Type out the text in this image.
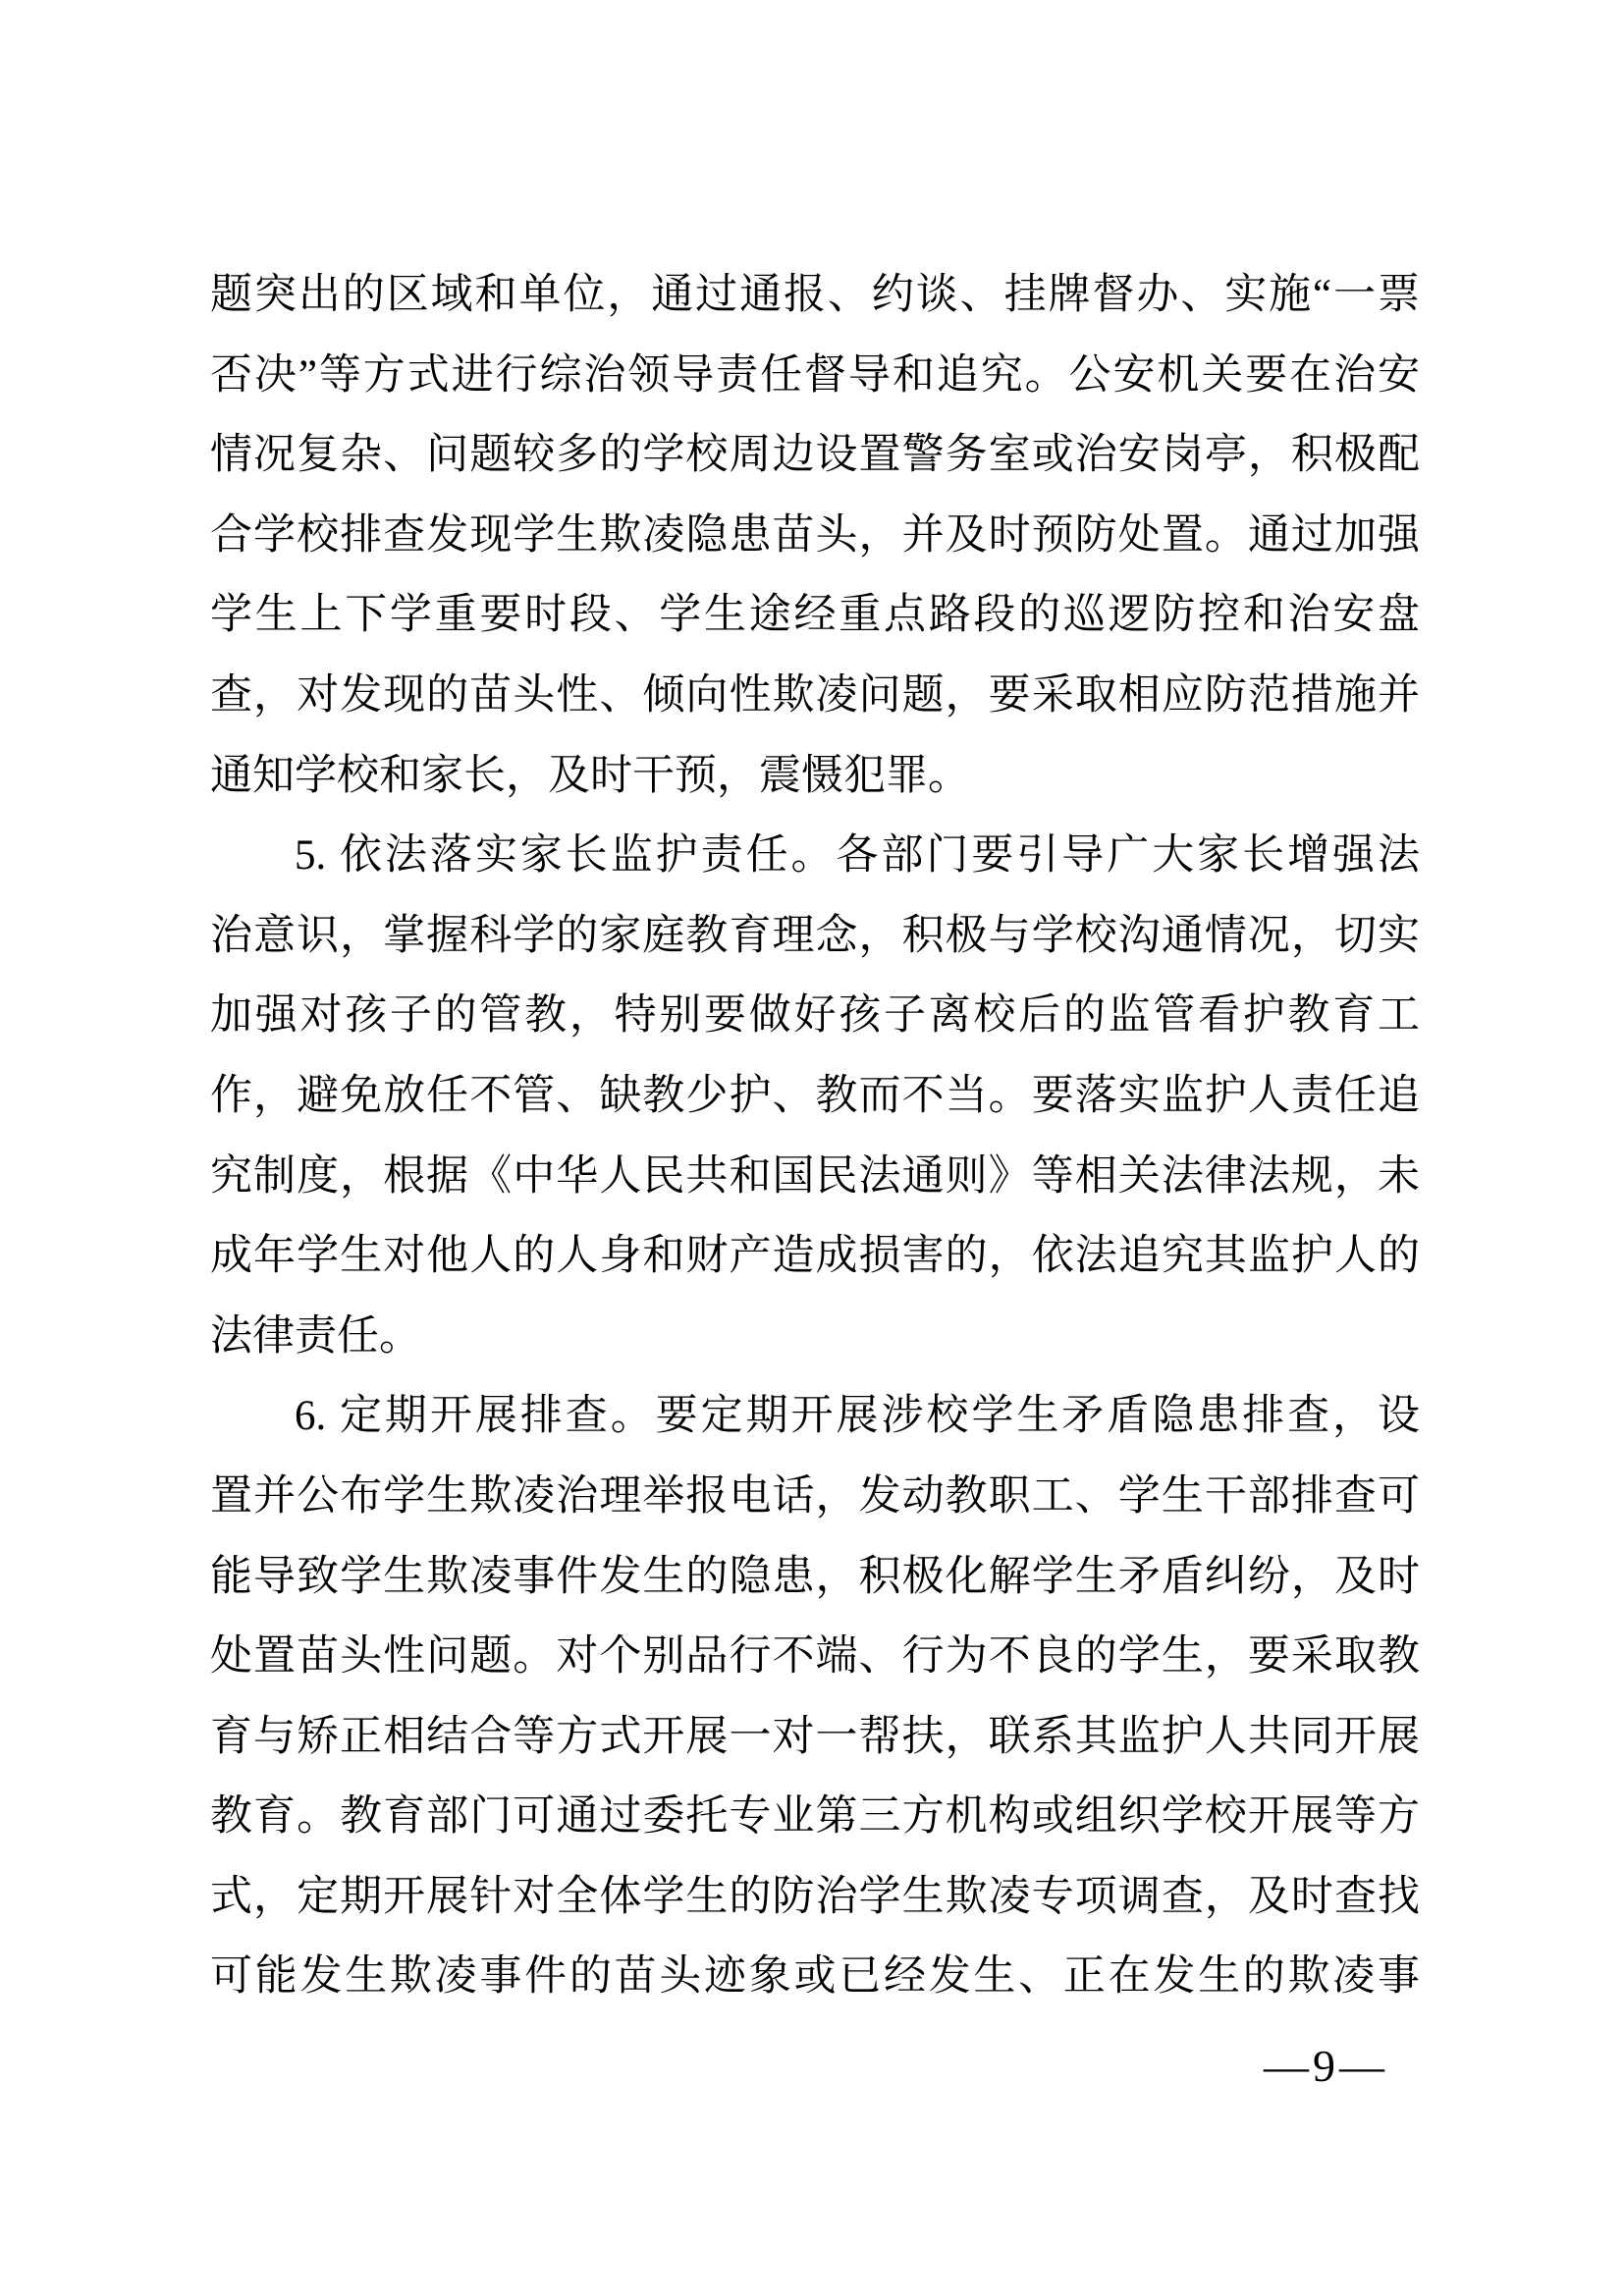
题突出的区域和单位，通过通报、约谈、挂牌督办、实施“一票
否决”等方式进行综治领导责任督导和追究。公安机关要在治安
情况复杂、问题较多的学校周边设置警务室或治安岗亭，积极配
合学校排查发现学生欺凌隐患苗头，并及时预防处置。通过加强
学生上下学重要时段、学生途经重点路段的巡逻防控和治安盘
查，对发现的苗头性、倾向性欺凌问题，要采取相应防范措施并
通知学校和家长，及时干预，震慑犯罪。
5. 依法落实家长监护责任。各部门要引导广大家长增强法
治意识，掌握科学的家庭教育理念，积极与学校沟通情况，切实
加强对孩子的管教，特别要做好孩子离校后的监管看护教育工
作，避免放任不管、缺教少护、教而不当。要落实监护人责任追
究制度，根据《中华人民共和国民法通则》等相关法律法规，未
成年学生对他人的人身和财产造成损害的，依法追究其监护人的
法律责任。
6. 定期开展排查。要定期开展涉校学生矛盾隐患排查，设
置并公布学生欺凌治理举报电话，发动教职工、学生干部排查可
能导致学生欺凌事件发生的隐患，积极化解学生矛盾纠纷，及时
处置苗头性问题。对个别品行不端、行为不良的学生，要采取教
育与矫正相结合等方式开展一对一帮扶，联系其监护人共同开展
教育。教育部门可通过委托专业第三方机构或组织学校开展等方
式，定期开展针对全体学生的防治学生欺凌专项调查，及时查找
可能发生欺凌事件的苗头迹象或已经发生、正在发生的欺凌事
—9—
